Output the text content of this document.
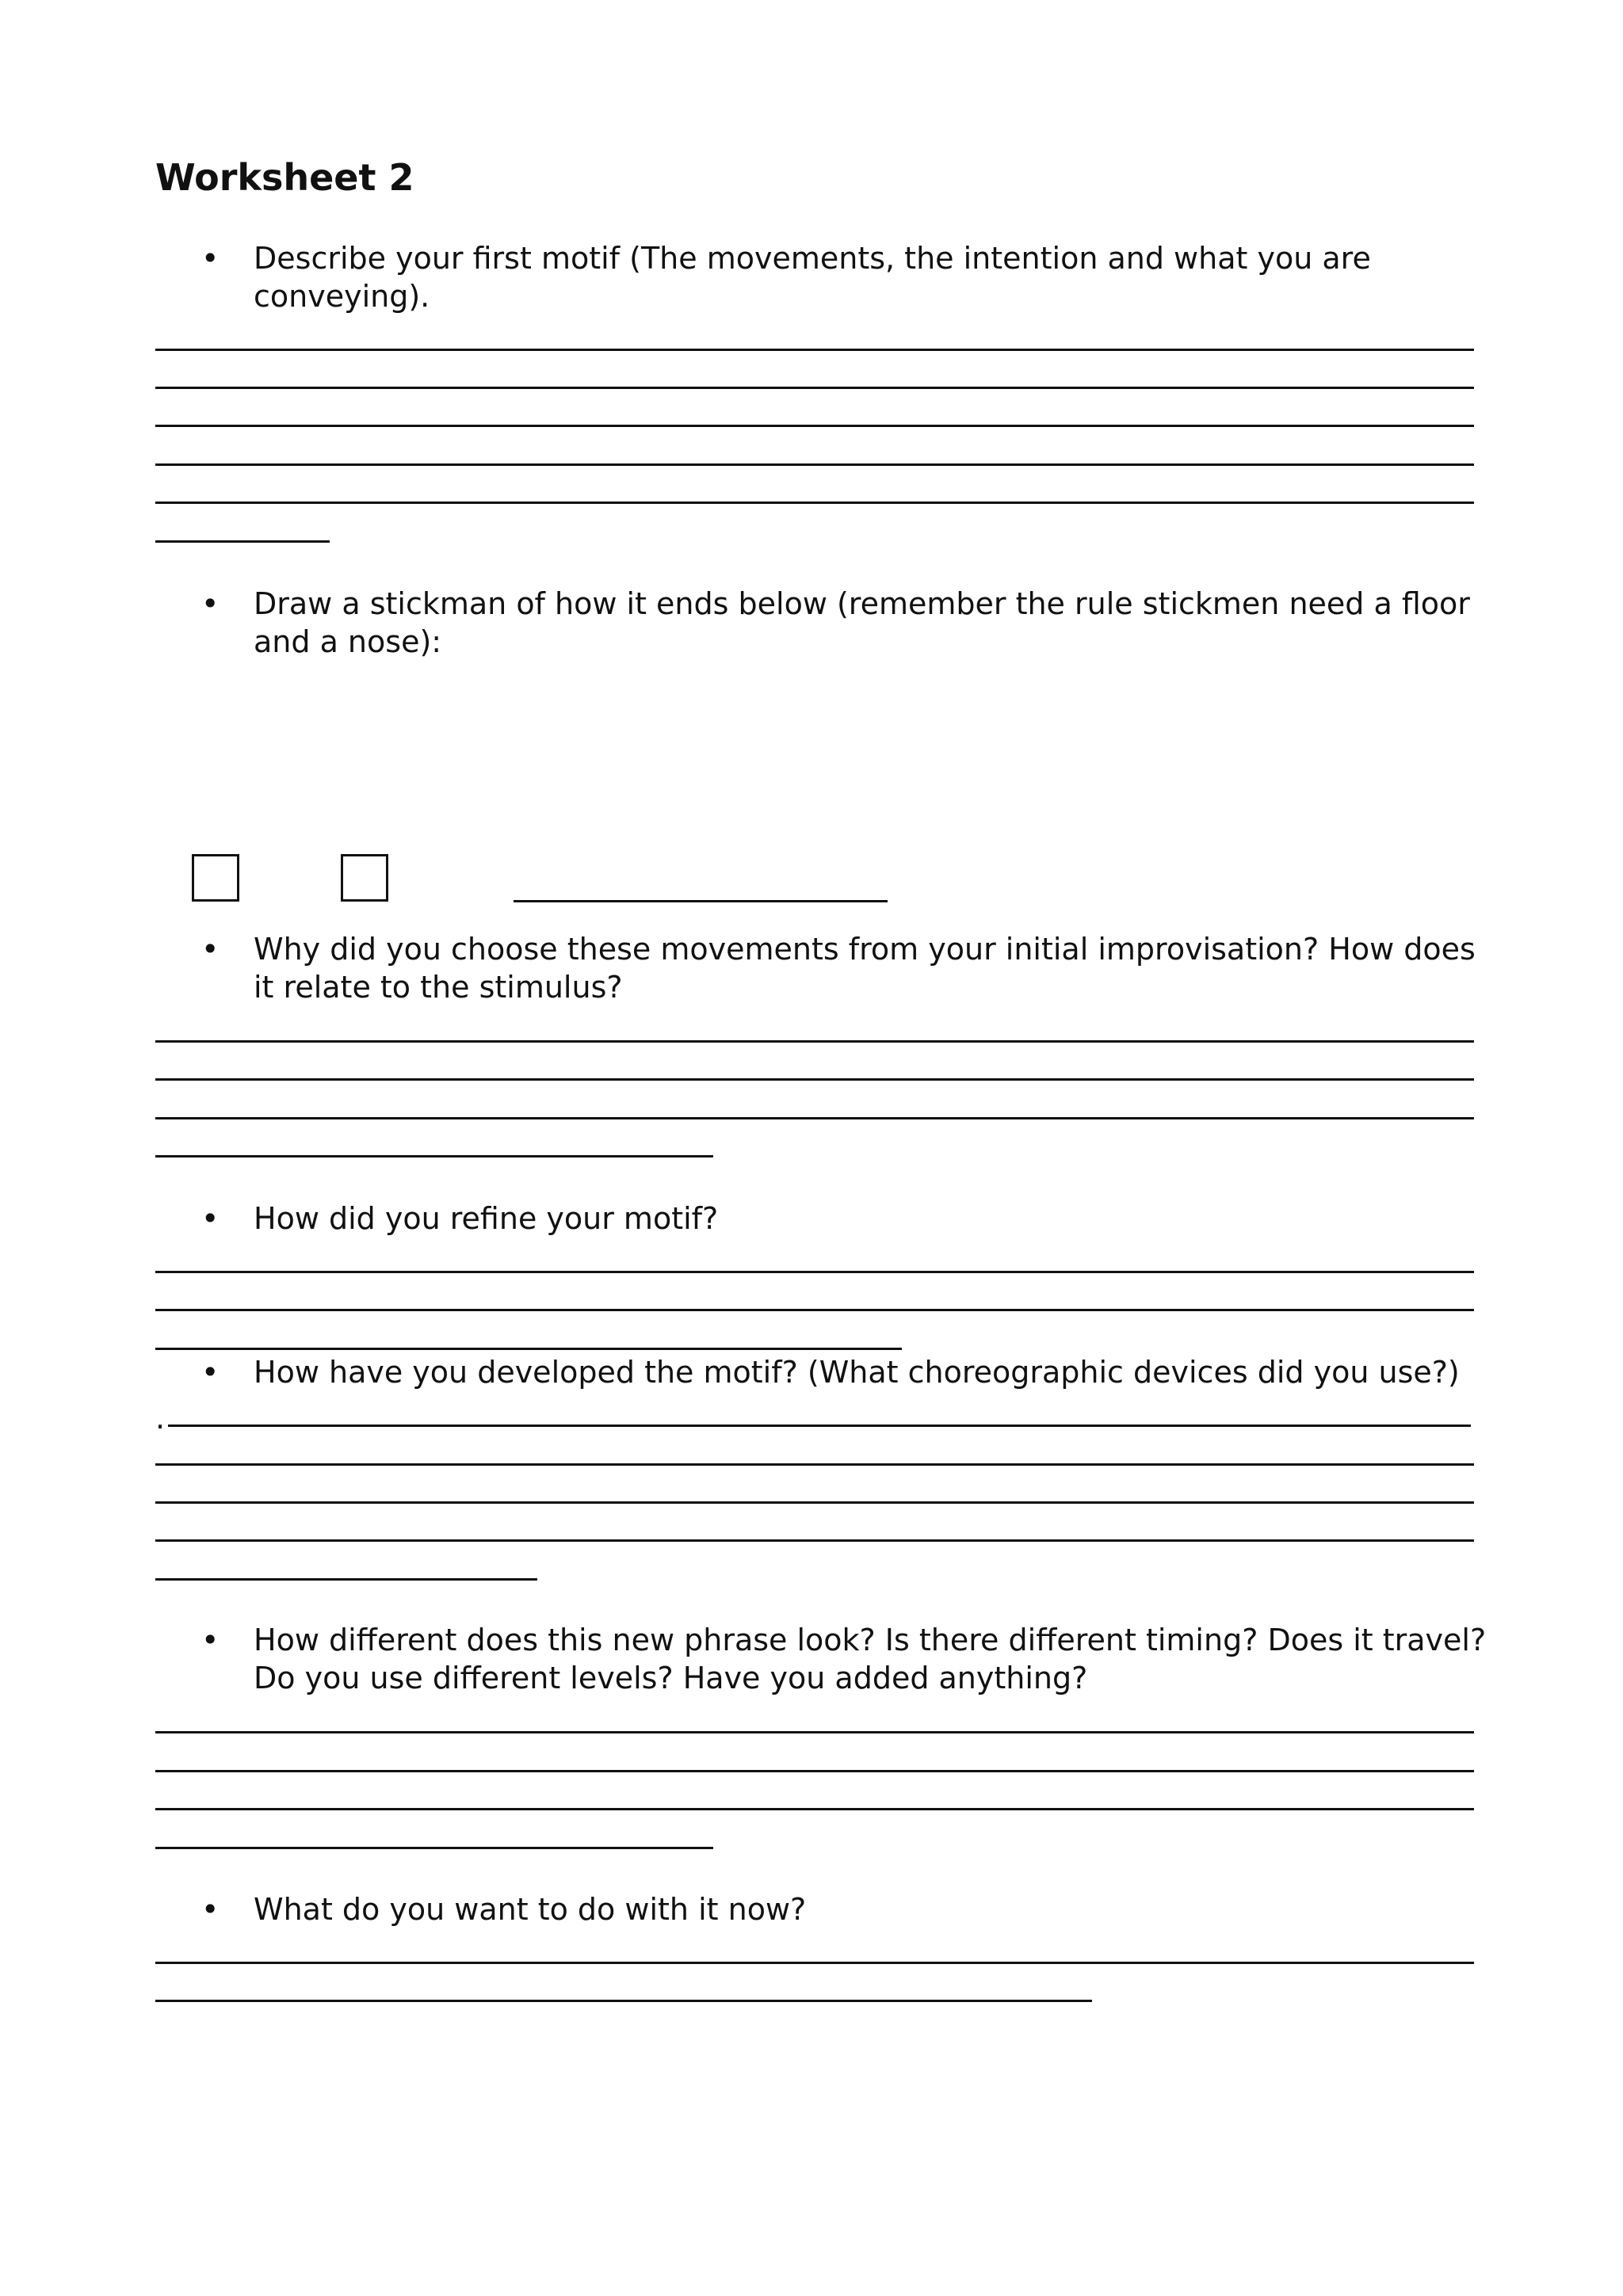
Worksheet 2
• Describe your first motif (The movements, the intention and what you are conveying).
• Draw a stickman of how it ends below (remember the rule stickmen need a floor and a nose):
• Why did you choose these movements from your initial improvisation? How does it relate to the stimulus?
• How did you refine your motif?
• How have you developed the motif? (What choreographic devices did you use?)
.
• How different does this new phrase look? Is there different timing? Does it travel? Do you use different levels? Have you added anything?
• What do you want to do with it now?
